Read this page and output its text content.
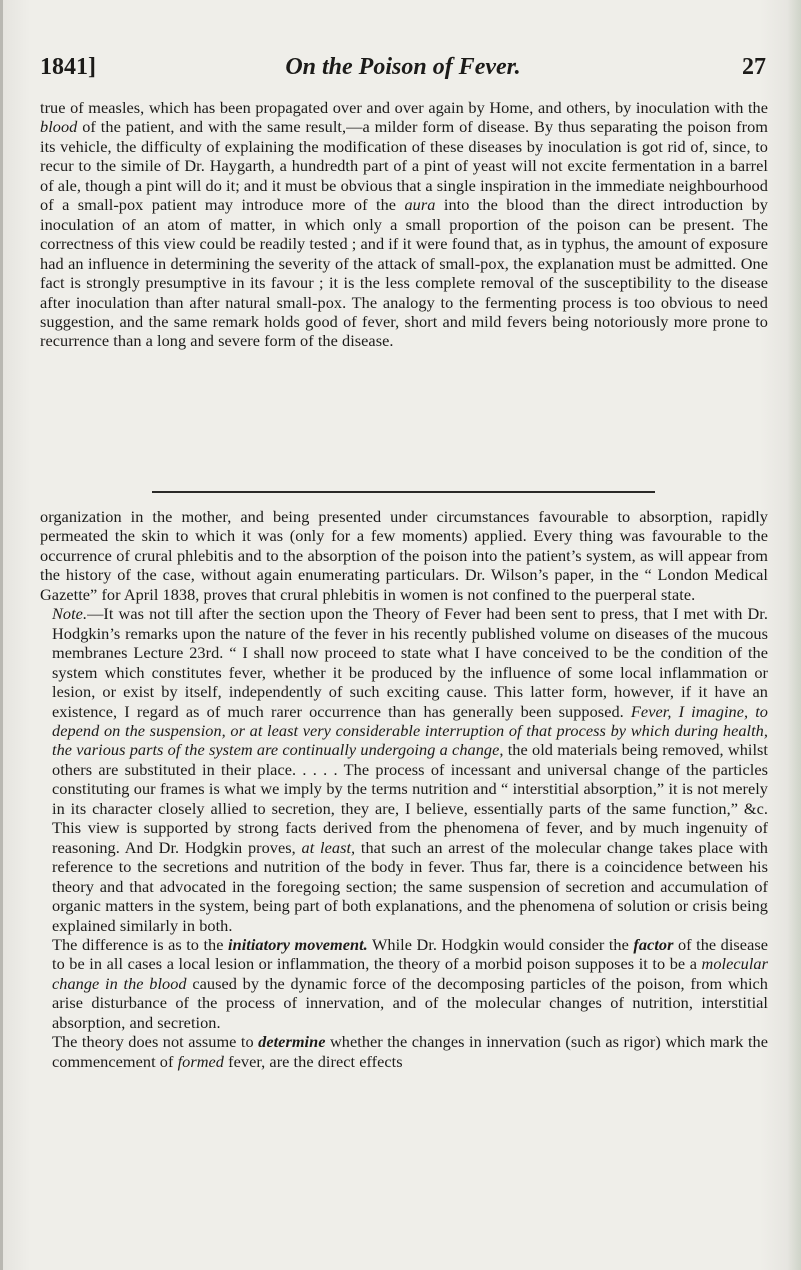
1841]	On the Poison of Fever.	27

true of measles, which has been propagated over and over again by Home, and others, by inoculation with the blood of the patient, and with the same result,—a milder form of disease. By thus separating the poison from its vehicle, the difficulty of explaining the modification of these diseases by inoculation is got rid of, since, to recur to the simile of Dr. Haygarth, a hundredth part of a pint of yeast will not excite fermentation in a barrel of ale, though a pint will do it; and it must be obvious that a single inspiration in the immediate neighbourhood of a small-pox patient may introduce more of the aura into the blood than the direct introduction by inoculation of an atom of matter, in which only a small proportion of the poison can be present. The correctness of this view could be readily tested ; and if it were found that, as in typhus, the amount of exposure had an influence in determining the severity of the attack of small-pox, the explanation must be admitted. One fact is strongly presumptive in its favour ; it is the less complete removal of the susceptibility to the disease after inoculation than after natural small-pox. The analogy to the fermenting process is too obvious to need suggestion, and the same remark holds good of fever, short and mild fevers being notoriously more prone to recurrence than a long and severe form of the disease.

organization in the mother, and being presented under circumstances favourable to absorption, rapidly permeated the skin to which it was (only for a few moments) applied. Every thing was favourable to the occurrence of crural phlebitis and to the absorption of the poison into the patient’s system, as will appear from the history of the case, without again enumerating particulars. Dr. Wilson’s paper, in the “ London Medical Gazette” for April 1838, proves that crural phlebitis in women is not confined to the puerperal state.

Note.—It was not till after the section upon the Theory of Fever had been sent to press, that I met with Dr. Hodgkin’s remarks upon the nature of the fever in his recently published volume on diseases of the mucous membranes Lecture 23rd. “ I shall now proceed to state what I have conceived to be the condition of the system which constitutes fever, whether it be produced by the influence of some local inflammation or lesion, or exist by itself, independently of such exciting cause. This latter form, however, if it have an existence, I regard as of much rarer occurrence than has generally been supposed. Fever, I imagine, to depend on the suspension, or at least very considerable interruption of that process by which during health, the various parts of the system are continually undergoing a change, the old materials being removed, whilst others are substituted in their place. . . . . The process of incessant and universal change of the particles constituting our frames is what we imply by the terms nutrition and “ interstitial absorption,” it is not merely in its character closely allied to secretion, they are, I believe, essentially parts of the same function,” &c. This view is supported by strong facts derived from the phenomena of fever, and by much ingenuity of reasoning. And Dr. Hodgkin proves, at least, that such an arrest of the molecular change takes place with reference to the secretions and nutrition of the body in fever. Thus far, there is a coincidence between his theory and that advocated in the foregoing section; the same suspension of secretion and accumulation of organic matters in the system, being part of both explanations, and the phenomena of solution or crisis being explained similarly in both.

The difference is as to the initiatory movement. While Dr. Hodgkin would consider the factor of the disease to be in all cases a local lesion or inflammation, the theory of a morbid poison supposes it to be a molecular change in the blood caused by the dynamic force of the decomposing particles of the poison, from which arise disturbance of the process of innervation, and of the molecular changes of nutrition, interstitial absorption, and secretion.

The theory does not assume to determine whether the changes in innervation (such as rigor) which mark the commencement of formed fever, are the direct effects
